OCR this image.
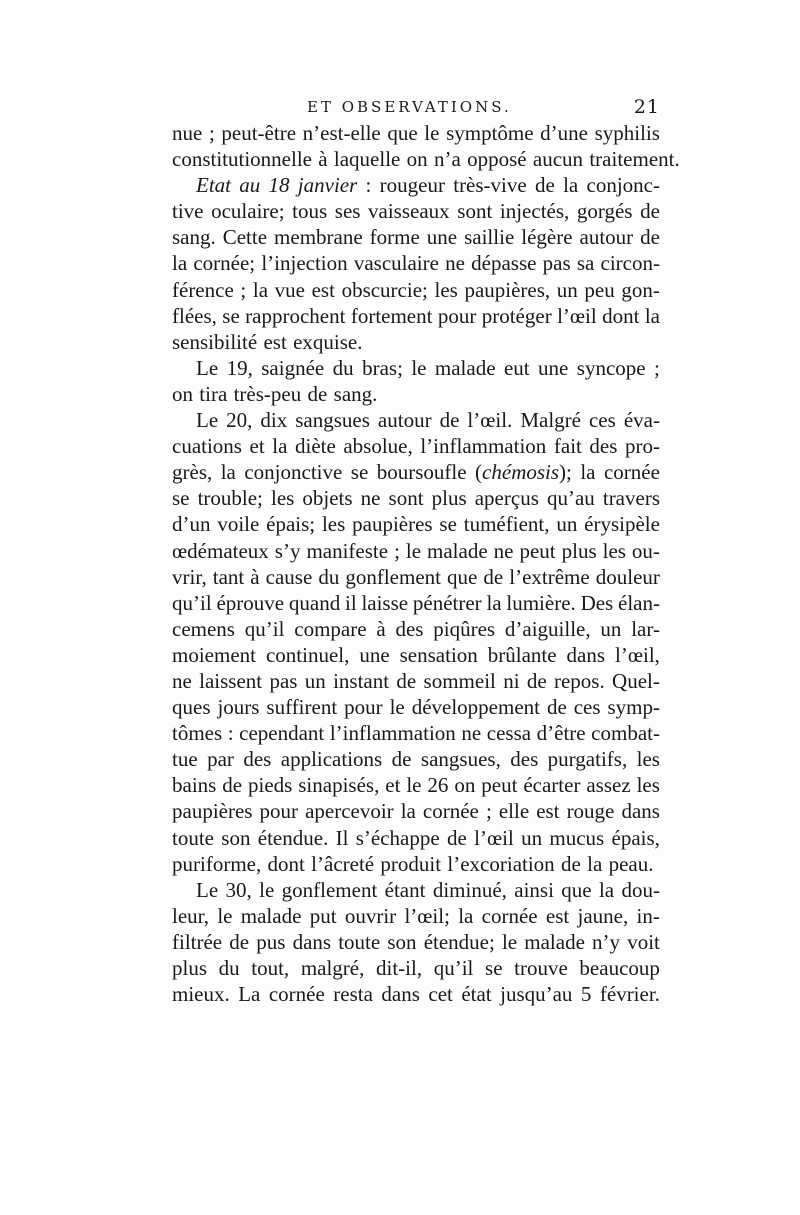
ET OBSERVATIONS.	21
nue ; peut-être n’est-elle que le symptôme d’une syphilis
constitutionnelle à laquelle on n’a opposé aucun traitement.
Etat au 18 janvier : rougeur très-vive de la conjonc-
tive oculaire; tous ses vaisseaux sont injectés, gorgés de
sang. Cette membrane forme une saillie légère autour de
la cornée; l’injection vasculaire ne dépasse pas sa circon-
férence ; la vue est obscurcie; les paupières, un peu gon-
flées, se rapprochent fortement pour protéger l’œil dont la
sensibilité est exquise.
Le 19, saignée du bras; le malade eut une syncope ;
on tira très-peu de sang.
Le 20, dix sangsues autour de l’œil. Malgré ces éva-
cuations et la diète absolue, l’inflammation fait des pro-
grès, la conjonctive se boursoufle (chémosis); la cornée
se trouble; les objets ne sont plus aperçus qu’au travers
d’un voile épais; les paupières se tuméfient, un érysipèle
œdémateux s’y manifeste ; le malade ne peut plus les ou-
vrir, tant à cause du gonflement que de l’extrême douleur
qu’il éprouve quand il laisse pénétrer la lumière. Des élan-
cemens qu’il compare à des piqûres d’aiguille, un lar-
moiement continuel, une sensation brûlante dans l’œil,
ne laissent pas un instant de sommeil ni de repos. Quel-
ques jours suffirent pour le développement de ces symp-
tômes : cependant l’inflammation ne cessa d’être combat-
tue par des applications de sangsues, des purgatifs, les
bains de pieds sinapisés, et le 26 on peut écarter assez les
paupières pour apercevoir la cornée ; elle est rouge dans
toute son étendue. Il s’échappe de l’œil un mucus épais,
puriforme, dont l’âcreté produit l’excoriation de la peau.
Le 30, le gonflement étant diminué, ainsi que la dou-
leur, le malade put ouvrir l’œil; la cornée est jaune, in-
filtrée de pus dans toute son étendue; le malade n’y voit
plus du tout, malgré, dit-il, qu’il se trouve beaucoup
mieux. La cornée resta dans cet état jusqu’au 5 février.
